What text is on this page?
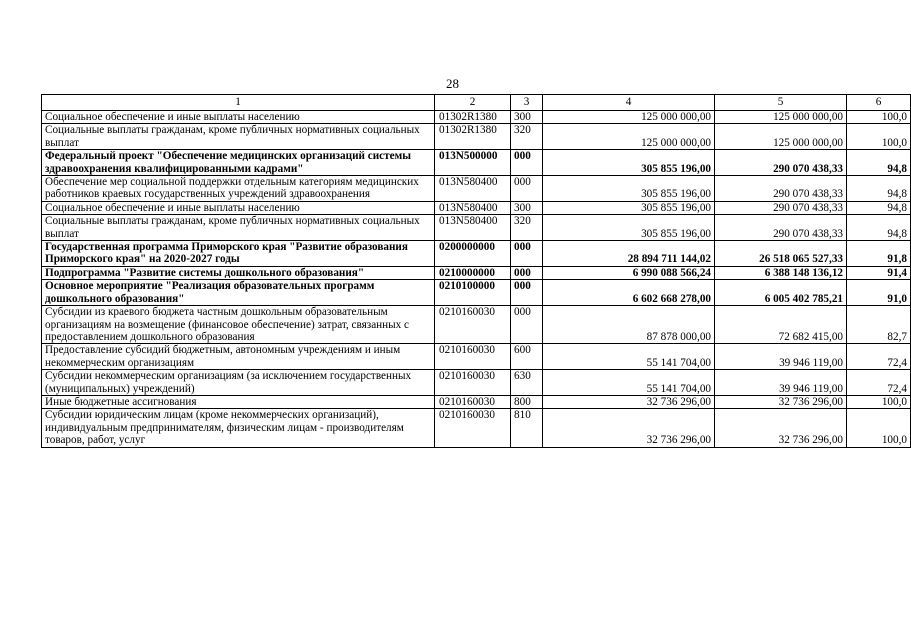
28
1	2	3	4	5	6
Социальное обеспечение и иные выплаты населению	01302R1380	300	125 000 000,00	125 000 000,00	100,0
Социальные выплаты гражданам, кроме публичных нормативных социальных выплат	01302R1380	320	125 000 000,00	125 000 000,00	100,0
Федеральный проект "Обеспечение медицинских организаций системы здравоохранения квалифицированными кадрами"	013N500000	000	305 855 196,00	290 070 438,33	94,8
Обеспечение мер социальной поддержки отдельным категориям медицинских работников краевых государственных учреждений здравоохранения	013N580400	000	305 855 196,00	290 070 438,33	94,8
Социальное обеспечение и иные выплаты населению	013N580400	300	305 855 196,00	290 070 438,33	94,8
Социальные выплаты гражданам, кроме публичных нормативных социальных выплат	013N580400	320	305 855 196,00	290 070 438,33	94,8
Государственная программа Приморского края "Развитие образования Приморского края" на 2020-2027 годы	0200000000	000	28 894 711 144,02	26 518 065 527,33	91,8
Подпрограмма "Развитие системы дошкольного образования"	0210000000	000	6 990 088 566,24	6 388 148 136,12	91,4
Основное мероприятие "Реализация образовательных программ дошкольного образования"	0210100000	000	6 602 668 278,00	6 005 402 785,21	91,0
Субсидии из краевого бюджета частным дошкольным образовательным организациям на возмещение (финансовое обеспечение) затрат, связанных с предоставлением дошкольного образования	0210160030	000	87 878 000,00	72 682 415,00	82,7
Предоставление субсидий бюджетным, автономным учреждениям и иным некоммерческим организациям	0210160030	600	55 141 704,00	39 946 119,00	72,4
Субсидии некоммерческим организациям (за исключением государственных (муниципальных) учреждений)	0210160030	630	55 141 704,00	39 946 119,00	72,4
Иные бюджетные ассигнования	0210160030	800	32 736 296,00	32 736 296,00	100,0
Субсидии юридическим лицам (кроме некоммерческих организаций), индивидуальным предпринимателям, физическим лицам - производителям товаров, работ, услуг	0210160030	810	32 736 296,00	32 736 296,00	100,0
